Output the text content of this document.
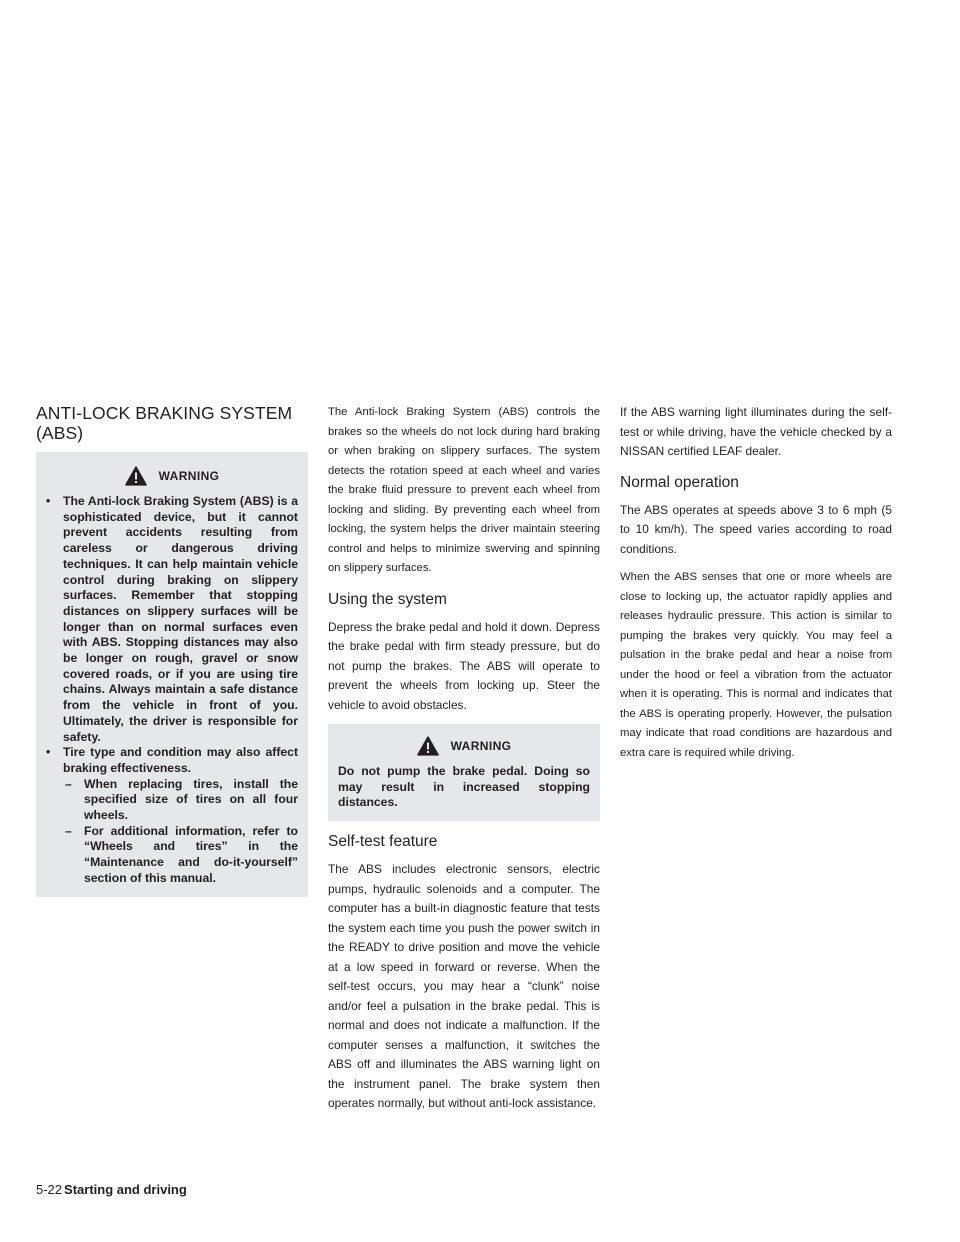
ANTI-LOCK BRAKING SYSTEM
(ABS)
WARNING
• The Anti-lock Braking System (ABS) is a sophisticated device, but it cannot prevent accidents resulting from careless or dangerous driving techniques. It can help maintain vehicle control during braking on slippery surfaces. Remember that stopping distances on slippery surfaces will be longer than on normal surfaces even with ABS. Stopping distances may also be longer on rough, gravel or snow covered roads, or if you are using tire chains. Always maintain a safe distance from the vehicle in front of you. Ultimately, the driver is responsible for safety.
• Tire type and condition may also affect braking effectiveness.
– When replacing tires, install the specified size of tires on all four wheels.
– For additional information, refer to “Wheels and tires” in the “Maintenance and do-it-yourself” section of this manual.

The Anti-lock Braking System (ABS) controls the brakes so the wheels do not lock during hard braking or when braking on slippery surfaces. The system detects the rotation speed at each wheel and varies the brake fluid pressure to prevent each wheel from locking and sliding. By preventing each wheel from locking, the system helps the driver maintain steering control and helps to minimize swerving and spinning on slippery surfaces.

Using the system

Depress the brake pedal and hold it down. Depress the brake pedal with firm steady pressure, but do not pump the brakes. The ABS will operate to prevent the wheels from locking up. Steer the vehicle to avoid obstacles.

WARNING

Do not pump the brake pedal. Doing so may result in increased stopping distances.

Self-test feature

The ABS includes electronic sensors, electric pumps, hydraulic solenoids and a computer. The computer has a built-in diagnostic feature that tests the system each time you push the power switch in the READY to drive position and move the vehicle at a low speed in forward or reverse. When the self-test occurs, you may hear a “clunk” noise and/or feel a pulsation in the brake pedal. This is normal and does not indicate a malfunction. If the computer senses a malfunction, it switches the ABS off and illuminates the ABS warning light on the instrument panel. The brake system then operates normally, but without anti-lock assistance.

If the ABS warning light illuminates during the self-test or while driving, have the vehicle checked by a NISSAN certified LEAF dealer.

Normal operation

The ABS operates at speeds above 3 to 6 mph (5 to 10 km/h). The speed varies according to road conditions.

When the ABS senses that one or more wheels are close to locking up, the actuator rapidly applies and releases hydraulic pressure. This action is similar to pumping the brakes very quickly. You may feel a pulsation in the brake pedal and hear a noise from under the hood or feel a vibration from the actuator when it is operating. This is normal and indicates that the ABS is operating properly. However, the pulsation may indicate that road conditions are hazardous and extra care is required while driving.

5-22 Starting and driving
